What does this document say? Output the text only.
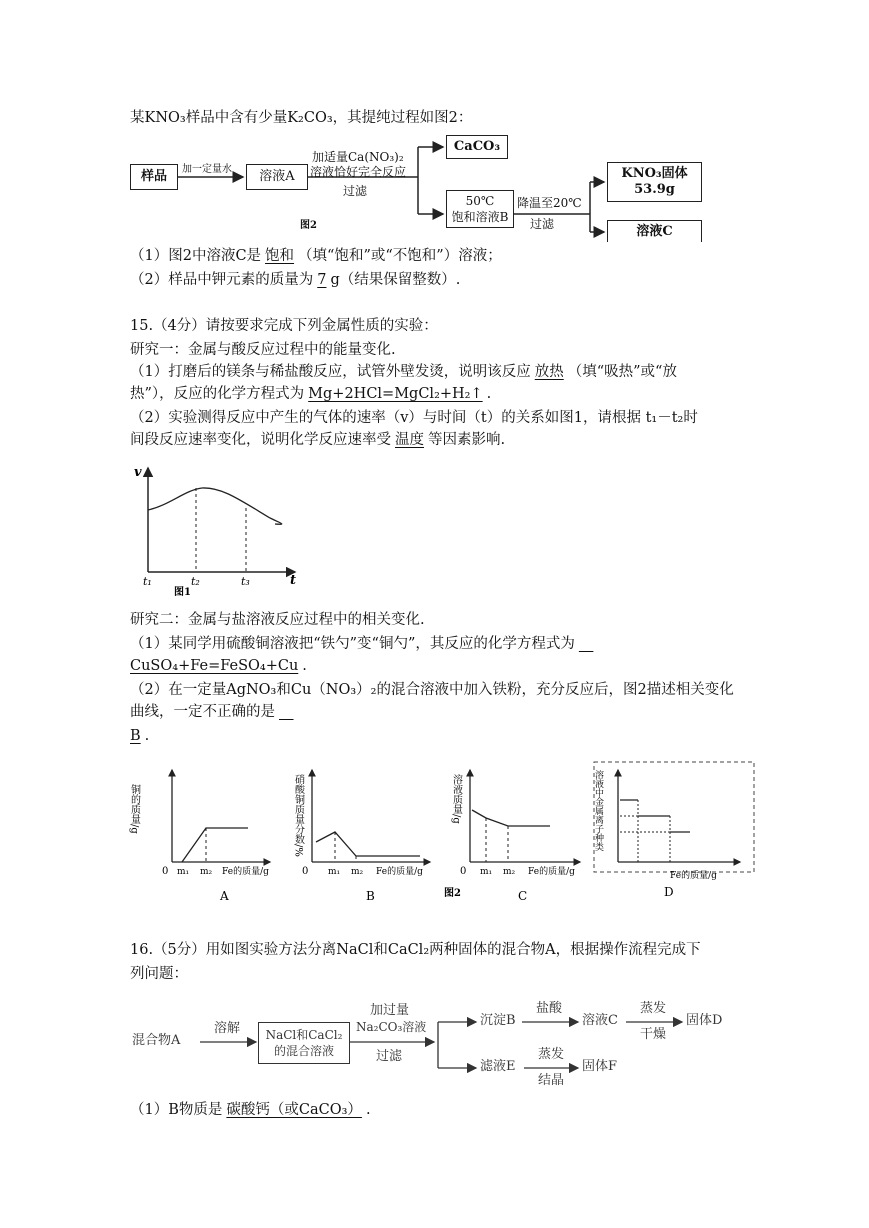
某KNO₃样品中含有少量K₂CO₃，其提纯过程如图2：
样品	加一定量水	溶液A
加适量Ca(NO₃)₂
溶液恰好完全反应
过滤
CaCO₃
50℃
饱和溶液B
降温至20℃
过滤
KNO₃固体
53.9g
溶液C
图2
（1）图2中溶液C是 饱和 （填“饱和”或“不饱和”）溶液；
（2）样品中钾元素的质量为 7 g（结果保留整数）.
15.（4分）请按要求完成下列金属性质的实验：
研究一：金属与酸反应过程中的能量变化.
（1）打磨后的镁条与稀盐酸反应，试管外壁发烫，说明该反应 放热 （填“吸热”或“放
热”），反应的化学方程式为 Mg+2HCl=MgCl₂+H₂↑ .
（2）实验测得反应中产生的气体的速率（v）与时间（t）的关系如图1，请根据 t₁－t₂时
间段反应速率变化，说明化学反应速率受 温度 等因素影响.
v
t
t₁	t₂	t₃
图1
研究二：金属与盐溶液反应过程中的相关变化.
（1）某同学用硫酸铜溶液把“铁勺”变“铜勺”，其反应的化学方程式为 
CuSO₄+Fe=FeSO₄+Cu .
（2）在一定量AgNO₃和Cu（NO₃）₂的混合溶液中加入铁粉，充分反应后，图2描述相关变化
曲线，一定不正确的是 
B .
铜的质量/g
0 m₁ m₂ Fe的质量/g
A
硝酸铜质量分数/%
0 m₁ m₂ Fe的质量/g
B
溶液质量/g
0 m₁ m₂ Fe的质量/g
图2	C
溶液中金属离子种类
Fe的质量/g
D
16.（5分）用如图实验方法分离NaCl和CaCl₂两种固体的混合物A，根据操作流程完成下
列问题：
混合物A
溶解 NaCl和CaCl₂
的混合溶液
加过量
Na₂CO₃溶液
过滤
沉淀B
盐酸
溶液C
蒸发
干燥
固体D
滤液E
蒸发
结晶
固体F
（1）B物质是 碳酸钙（或CaCO₃） .
